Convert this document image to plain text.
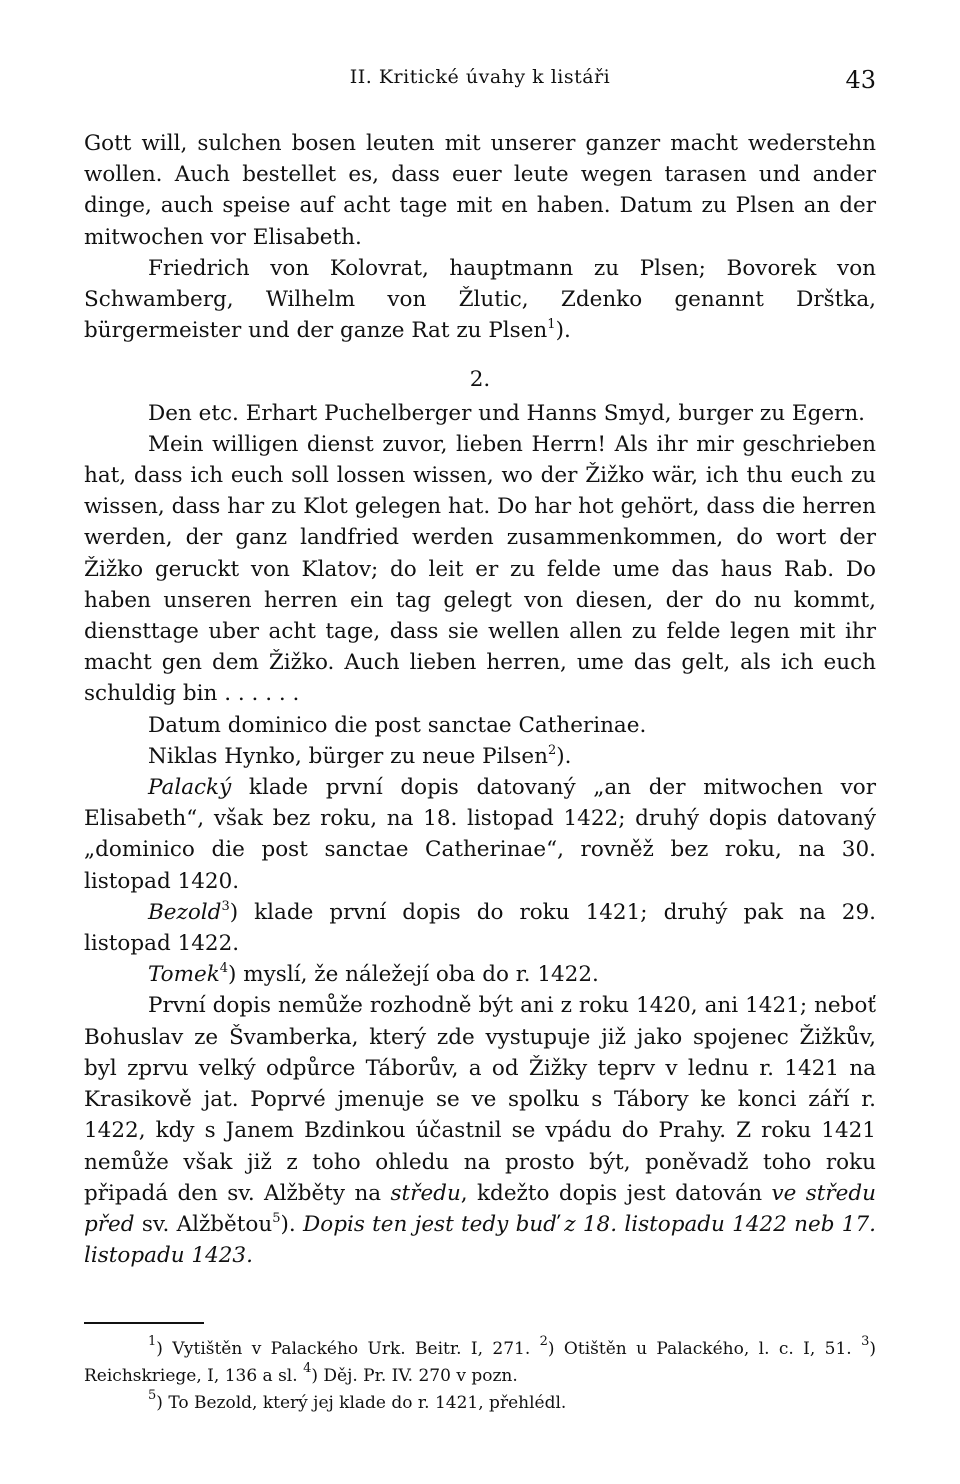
II. Kritické úvahy k listáři	43

Gott will, sulchen bosen leuten mit unserer ganzer macht wederstehn wollen. Auch bestellet es, dass euer leute wegen tarasen und ander dinge, auch speise auf acht tage mit en haben. Datum zu Plsen an der mitwochen vor Elisabeth.

Friedrich von Kolovrat, hauptmann zu Plsen; Bovorek von Schwamberg, Wilhelm von Žlutic, Zdenko genannt Drštka, bürgermeister und der ganze Rat zu Plsen$^1$).

2.

Den etc. Erhart Puchelberger und Hanns Smyd, burger zu Egern.

Mein willigen dienst zuvor, lieben Herrn! Als ihr mir geschrieben hat, dass ich euch soll lossen wissen, wo der Žižko wär, ich thu euch zu wissen, dass har zu Klot gelegen hat. Do har hot gehört, dass die herren werden, der ganz landfried werden zusammenkommen, do wort der Žižko geruckt von Klatov; do leit er zu felde ume das haus Rab. Do haben unseren herren ein tag gelegt von diesen, der do nu kommt, diensttage uber acht tage, dass sie wellen allen zu felde legen mit ihr macht gen dem Žižko. Auch lieben herren, ume das gelt, als ich euch schuldig bin . . . . . .

Datum dominico die post sanctae Catherinae.

Niklas Hynko, bürger zu neue Pilsen$^2$).

Palacký klade první dopis datovaný „an der mitwochen vor Elisabeth“, však bez roku, na 18. listopad 1422; druhý dopis datovaný „dominico die post sanctae Catherinae“, rovněž bez roku, na 30. listopad 1420.

Bezold$^3$) klade první dopis do roku 1421; druhý pak na 29. listopad 1422.

Tomek$^4$) myslí, že náležejí oba do r. 1422.

První dopis nemůže rozhodně být ani z roku 1420, ani 1421; neboť Bohuslav ze Švamberka, který zde vystupuje již jako spojenec Žižkův, byl zprvu velký odpůrce Táborův, a od Žižky teprv v lednu r. 1421 na Krasikově jat. Poprvé jmenuje se ve spolku s Tábory ke konci září r. 1422, kdy s Janem Bzdinkou účastnil se vpádu do Prahy. Z roku 1421 nemůže však již z toho ohledu na prosto být, poněvadž toho roku připadá den sv. Alžběty na středu, kdežto dopis jest datován ve středu před sv. Alžbětou$^5$). Dopis ten jest tedy buď z 18. listopadu 1422 neb 17. listopadu 1423.

$^1$) Vytištěn v Palackého Urk. Beitr. I, 271. $^2$) Otištěn u Palackého, l. c. I, 51. $^3$) Reichskriege, I, 136 a sl. $^4$) Děj. Pr. IV. 270 v pozn.

$^5$) To Bezold, který jej klade do r. 1421, přehlédl.
